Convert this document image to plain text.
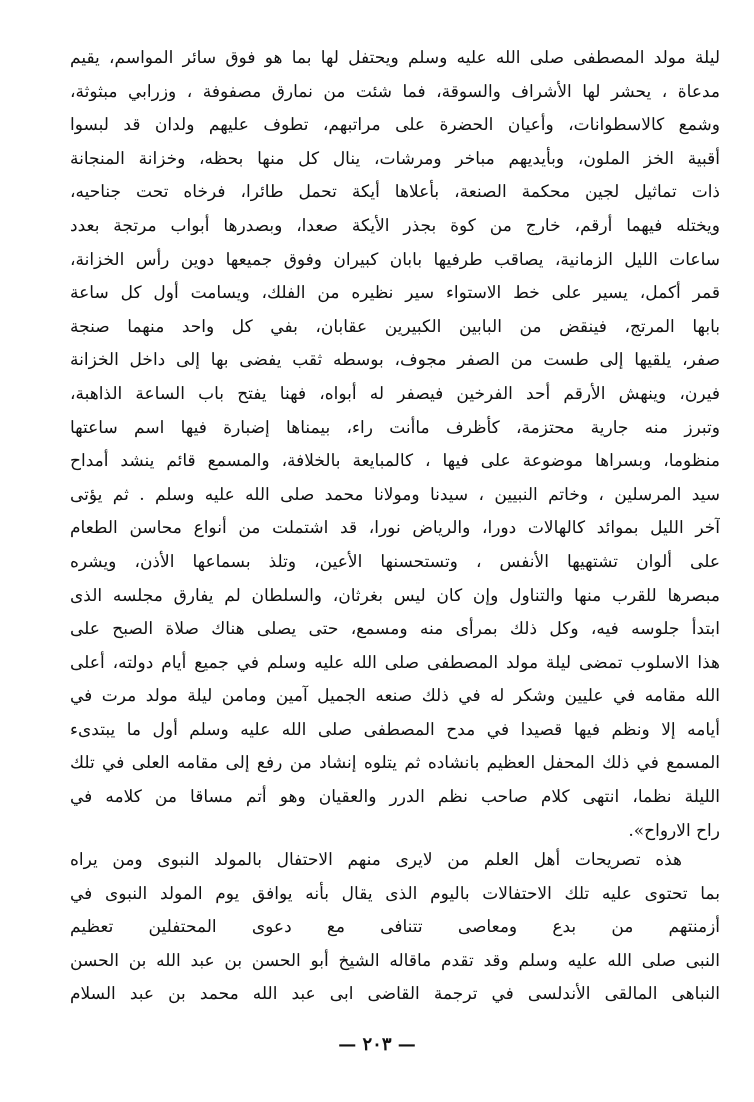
ليلة مولد المصطفى صلى الله عليه وسلم ويحتفل لها بما هو فوق سائر المواسم، يقيم
مدعاة ، يحشر لها الأشراف والسوقة، فما شئت من نمارق مصفوفة ، وزرابي مبثوثة،
وشمع كالاسطوانات، وأعيان الحضرة على مراتبهم، تطوف عليهم ولدان قد لبسوا
أقبية الخز الملون، وبأيديهم مباخر ومرشات، ينال كل منها بحظه، وخزانة المنجانة
ذات تماثيل لجين محكمة الصنعة، بأعلاها أيكة تحمل طائرا، فرخاه تحت جناحيه،
ويختله فيهما أرقم، خارج من كوة بجذر الأيكة صعدا، وبصدرها أبواب مرتجة بعدد
ساعات الليل الزمانية، يصاقب طرفيها بابان كبيران وفوق جميعها دوين رأس الخزانة،
قمر أكمل، يسير على خط الاستواء سير نظيره من الفلك، ويسامت أول كل ساعة
بابها المرتج، فينقض من البابين الكبيرين عقابان، بفي كل واحد منهما صنجة
صفر، يلقيها إلى طست من الصفر مجوف، بوسطه ثقب يفضى بها إلى داخل الخزانة
فيرن، وينهش الأرقم أحد الفرخين فيصفر له أبواه، فهنا يفتح باب الساعة الذاهبة،
وتبرز منه جارية محتزمة، كأظرف ماأنت راء، بيمناها إضبارة فيها اسم ساعتها
منظوما، وبسراها موضوعة على فيها ، كالمبايعة بالخلافة، والمسمع قائم ينشد أمداح
سيد المرسلين ، وخاتم النبيين ، سيدنا ومولانا محمد صلى الله عليه وسلم . ثم يؤتى
آخر الليل بموائد كالهالات دورا، والرياض نورا، قد اشتملت من أنواع محاسن الطعام
على ألوان تشتهيها الأنفس ، وتستحسنها الأعين، وتلذ بسماعها الأذن، ويشره
مبصرها للقرب منها والتناول وإن كان ليس بغرثان، والسلطان لم يفارق مجلسه الذى
ابتدأ جلوسه فيه، وكل ذلك بمرأى منه ومسمع، حتى يصلى هناك صلاة الصبح على
هذا الاسلوب تمضى ليلة مولد المصطفى صلى الله عليه وسلم في جميع أيام دولته، أعلى
الله مقامه في عليين وشكر له في ذلك صنعه الجميل آمين ومامن ليلة مولد مرت في
أيامه إلا ونظم فيها قصيدا في مدح المصطفى صلى الله عليه وسلم أول ما يبتدىء
المسمع في ذلك المحفل العظيم بانشاده ثم يتلوه إنشاد من رفع إلى مقامه العلى في تلك
الليلة نظما، انتهى كلام صاحب نظم الدرر والعقيان وهو أتم مساقا من كلامه في
راح الارواح».
هذه تصريحات أهل العلم من لايرى منهم الاحتفال بالمولد النبوى ومن يراه
بما تحتوى عليه تلك الاحتفالات باليوم الذى يقال بأنه يوافق يوم المولد النبوى في
أزمنتهم من بدع ومعاصى تتنافى مع دعوى المحتفلين تعظيم
النبى صلى الله عليه وسلم وقد تقدم ماقاله الشيخ أبو الحسن بن عبد الله بن الحسن
النباهى المالقى الأندلسى في ترجمة القاضى ابى عبد الله محمد بن عبد السلام
— ٢٠٣ —
